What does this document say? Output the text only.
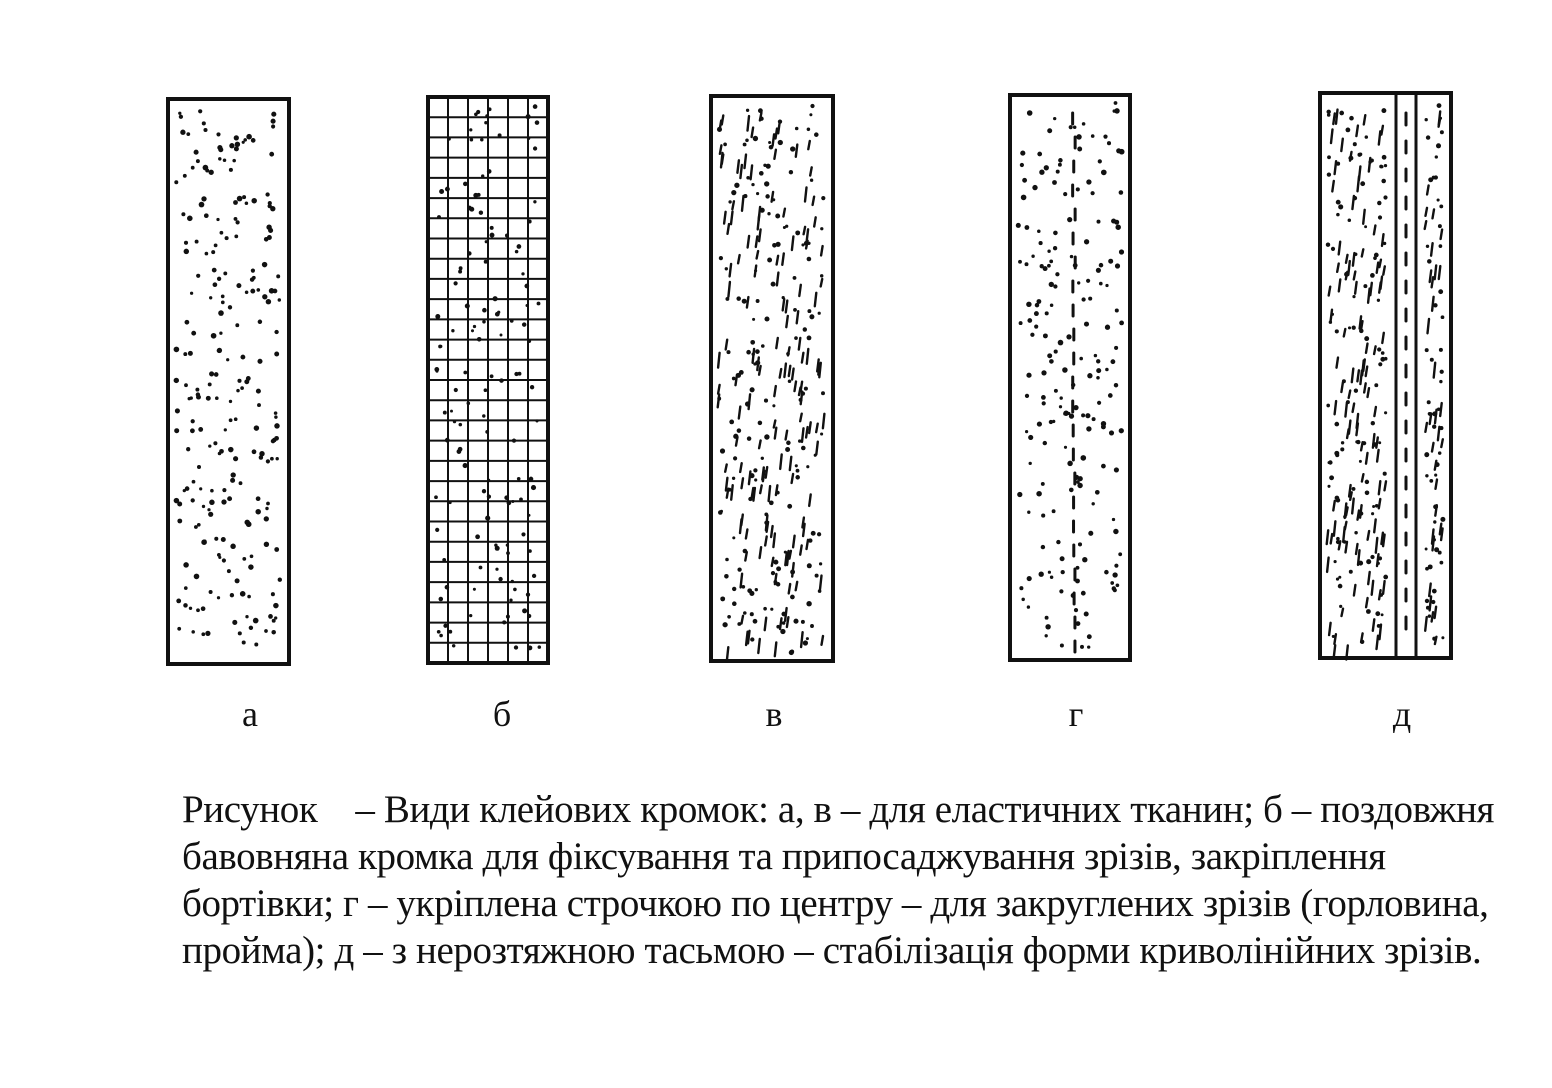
а	б	в	г	д
Рисунок – Види клейових кромок: а, в – для еластичних тканин; б – поздовжня бавовняна кромка для фіксування та припосаджування зрізів, закріплення бортівки; г – укріплена строчкою по центру – для закруглених зрізів (горловина, пройма); д – з нерозтяжною тасьмою – стабілізація форми криволінійних зрізів.
